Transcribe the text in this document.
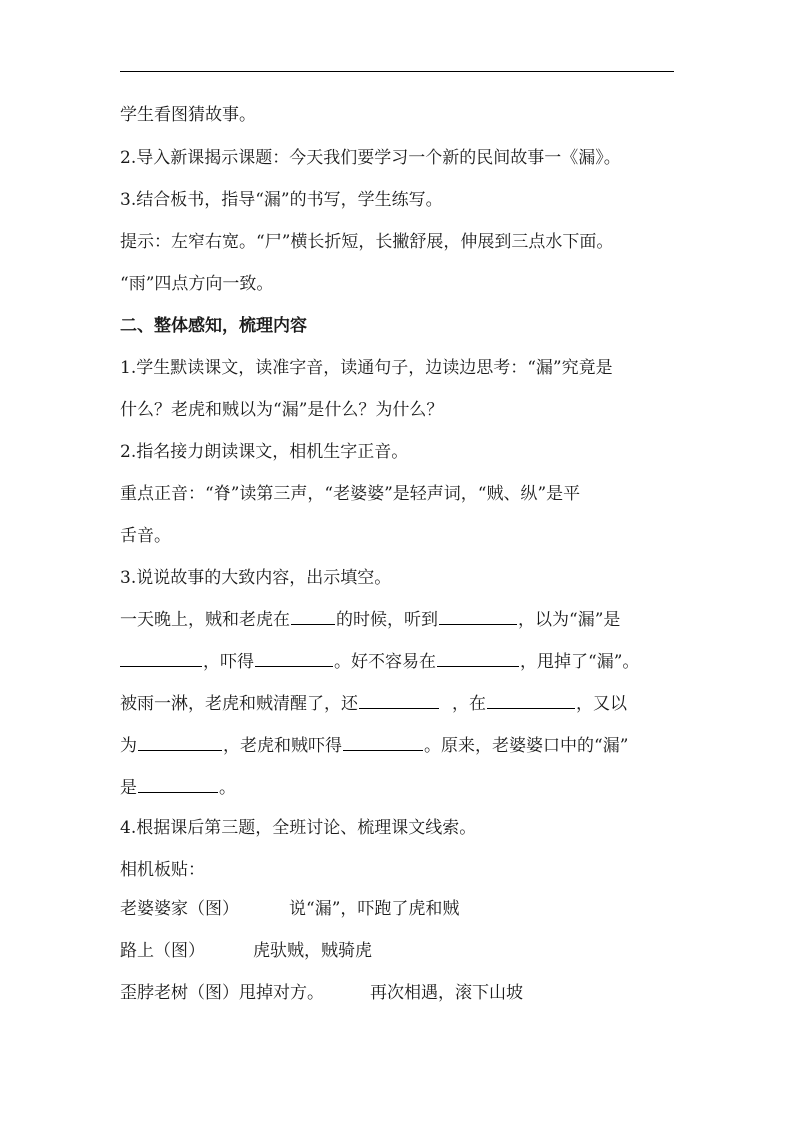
学生看图猜故事。
2.导入新课揭示课题：今天我们要学习一个新的民间故事一《漏》。
3.结合板书，指导“漏”的书写，学生练写。
提示：左窄右宽。“尸”横长折短，长撇舒展，伸展到三点水下面。
“雨”四点方向一致。
二、整体感知，梳理内容
1.学生默读课文，读准字音，读通句子，边读边思考：“漏”究竟是
什么？老虎和贼以为“漏”是什么？为什么？
2.指名接力朗读课文，相机生字正音。
重点正音：“脊”读第三声，“老婆婆”是轻声词，“贼、纵”是平
舌音。
3.说说故事的大致内容，出示填空。
一天晚上，贼和老虎在	的时候，听到	，以为“漏”是
，吓得	。好不容易在	，甩掉了“漏”。
被雨一淋，老虎和贼清醒了，还	，在	，又以
为	，老虎和贼吓得	。原来，老婆婆口中的“漏”
是	。
4.根据课后第三题，全班讨论、梳理课文线索。
相机板贴：
老婆婆家（图）	说“漏”，吓跑了虎和贼
路上（图）	虎驮贼，贼骑虎
歪脖老树（图）甩掉对方。	再次相遇，滚下山坡
